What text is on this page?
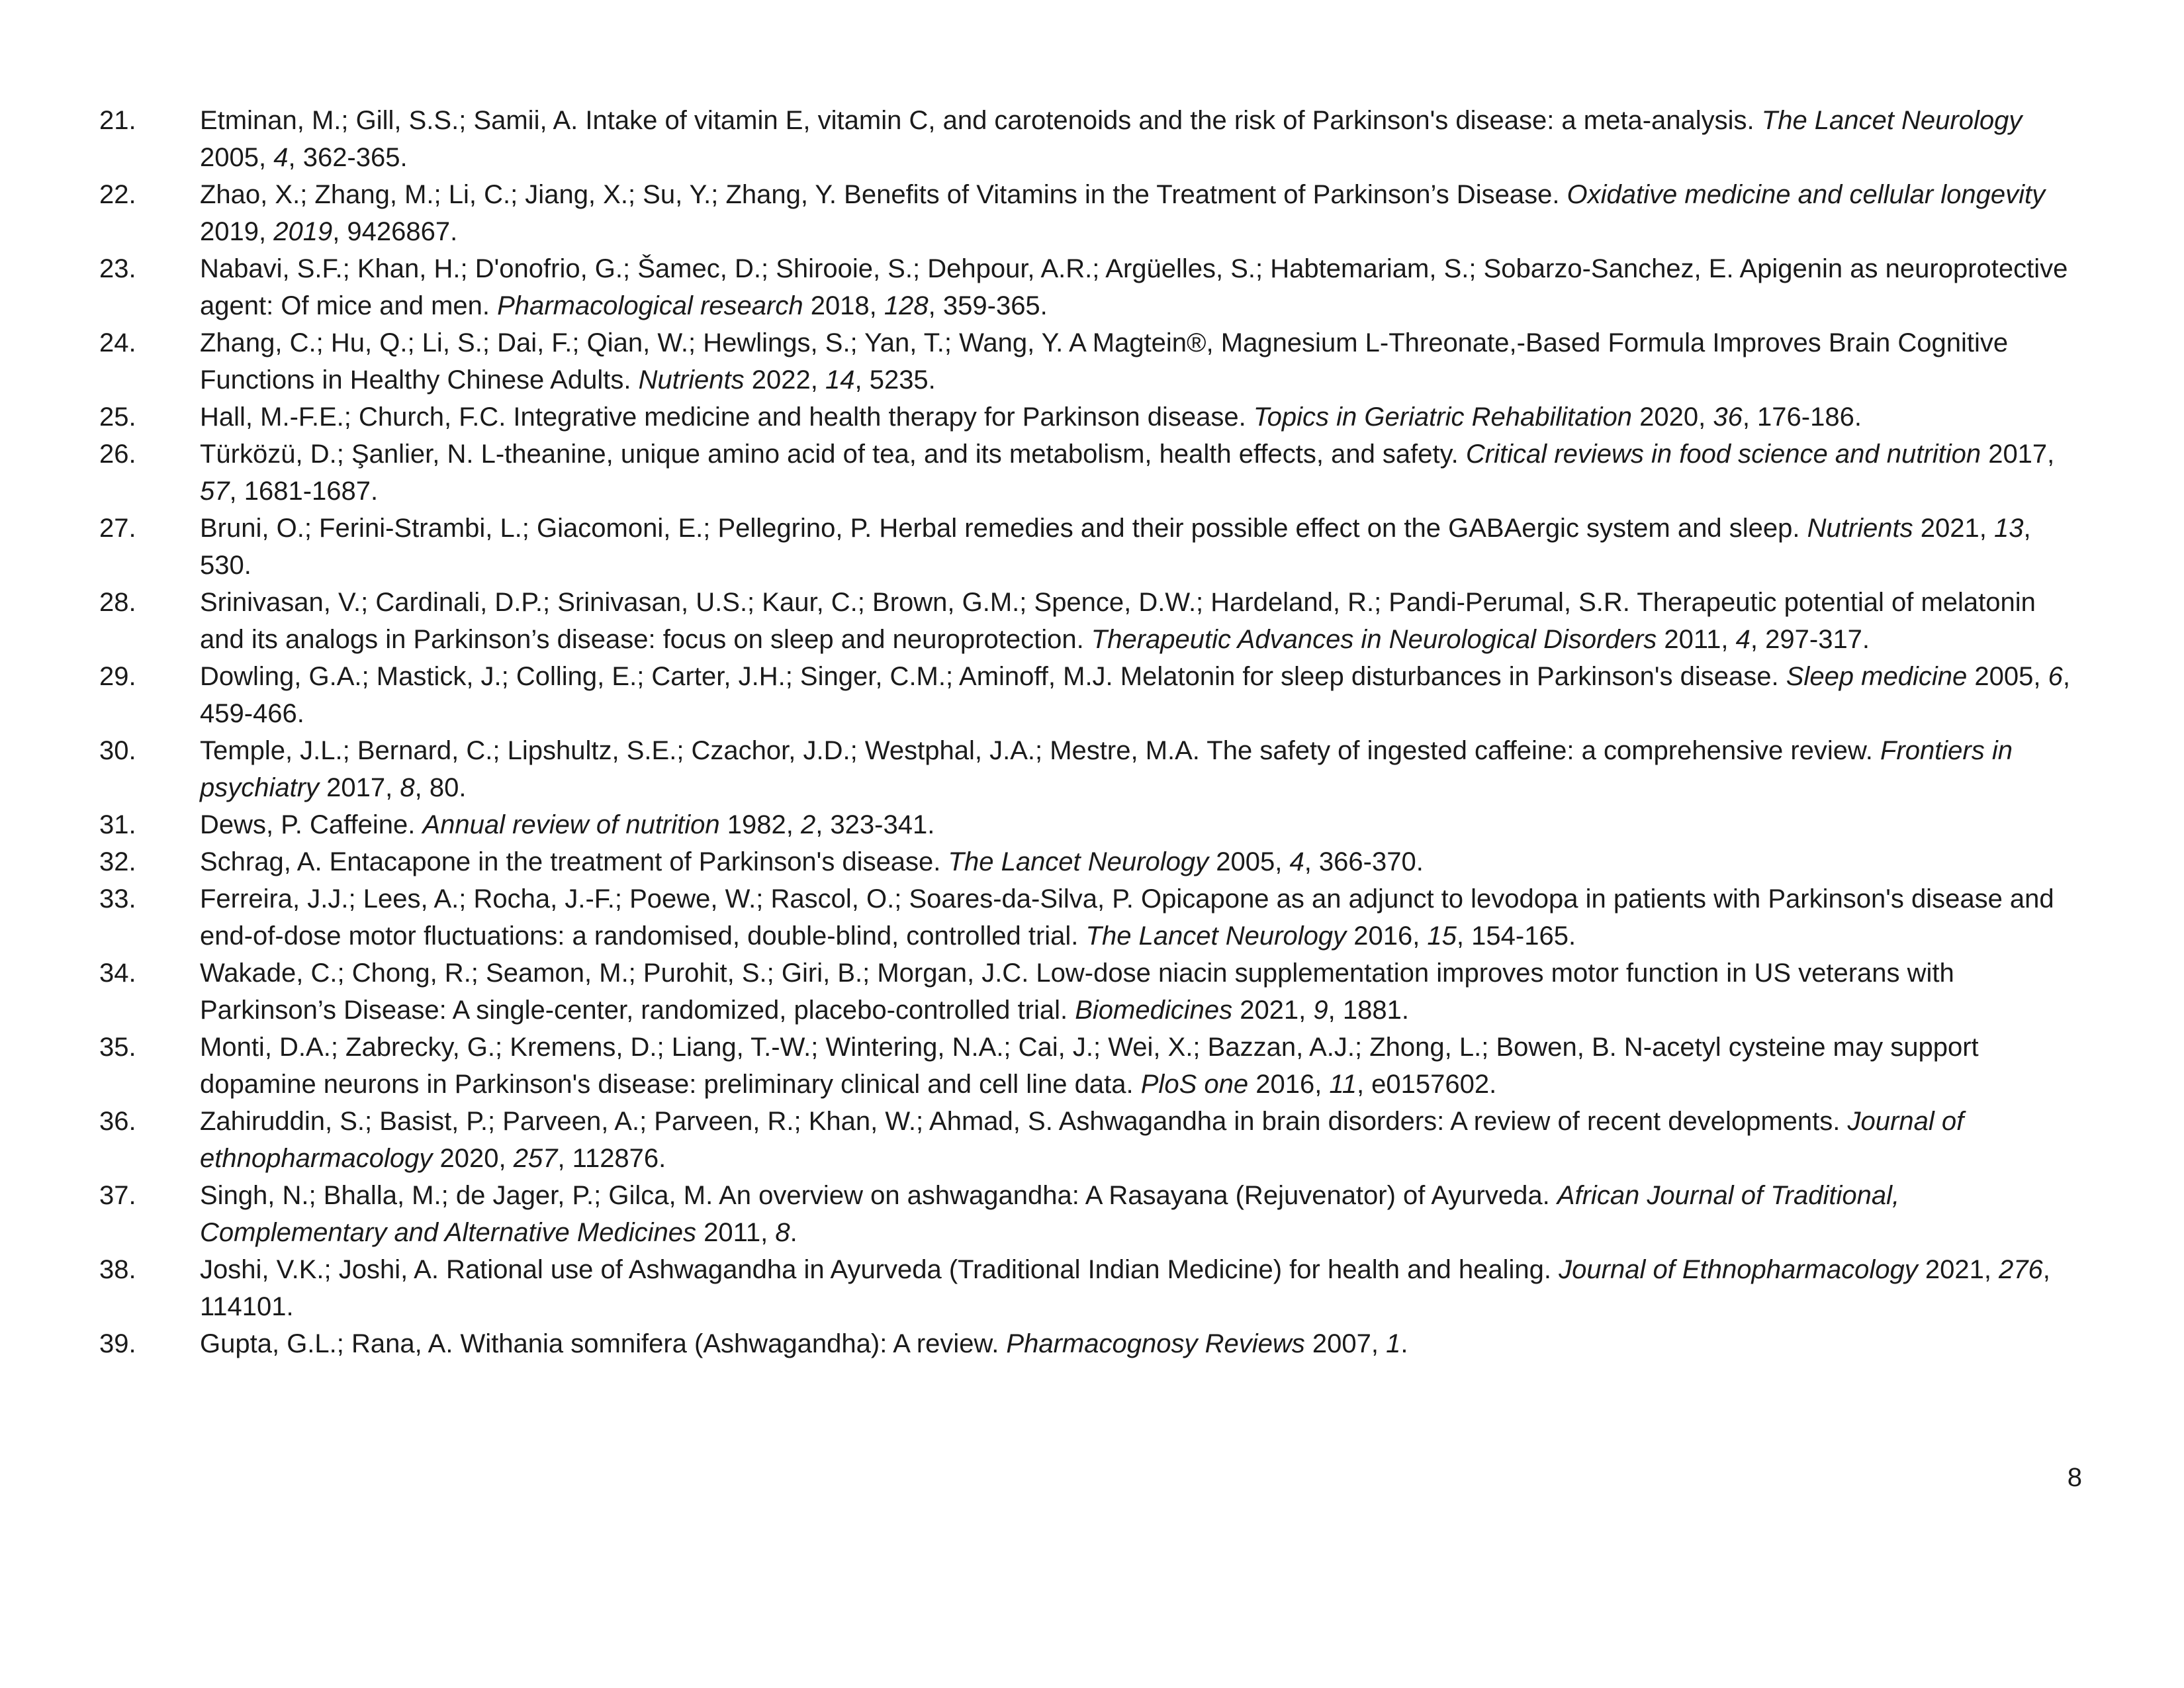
21.	Etminan, M.; Gill, S.S.; Samii, A. Intake of vitamin E, vitamin C, and carotenoids and the risk of Parkinson's disease: a meta-analysis. The Lancet Neurology 2005, 4, 362-365.
22.	Zhao, X.; Zhang, M.; Li, C.; Jiang, X.; Su, Y.; Zhang, Y. Benefits of Vitamins in the Treatment of Parkinson’s Disease. Oxidative medicine and cellular longevity 2019, 2019, 9426867.
23.	Nabavi, S.F.; Khan, H.; D'onofrio, G.; Šamec, D.; Shirooie, S.; Dehpour, A.R.; Argüelles, S.; Habtemariam, S.; Sobarzo-Sanchez, E. Apigenin as neuroprotective agent: Of mice and men. Pharmacological research 2018, 128, 359-365.
24.	Zhang, C.; Hu, Q.; Li, S.; Dai, F.; Qian, W.; Hewlings, S.; Yan, T.; Wang, Y. A Magtein®, Magnesium L-Threonate,-Based Formula Improves Brain Cognitive Functions in Healthy Chinese Adults. Nutrients 2022, 14, 5235.
25.	Hall, M.-F.E.; Church, F.C. Integrative medicine and health therapy for Parkinson disease. Topics in Geriatric Rehabilitation 2020, 36, 176-186.
26.	Türközü, D.; Şanlier, N. L-theanine, unique amino acid of tea, and its metabolism, health effects, and safety. Critical reviews in food science and nutrition 2017, 57, 1681-1687.
27.	Bruni, O.; Ferini-Strambi, L.; Giacomoni, E.; Pellegrino, P. Herbal remedies and their possible effect on the GABAergic system and sleep. Nutrients 2021, 13, 530.
28.	Srinivasan, V.; Cardinali, D.P.; Srinivasan, U.S.; Kaur, C.; Brown, G.M.; Spence, D.W.; Hardeland, R.; Pandi-Perumal, S.R. Therapeutic potential of melatonin and its analogs in Parkinson’s disease: focus on sleep and neuroprotection. Therapeutic Advances in Neurological Disorders 2011, 4, 297-317.
29.	Dowling, G.A.; Mastick, J.; Colling, E.; Carter, J.H.; Singer, C.M.; Aminoff, M.J. Melatonin for sleep disturbances in Parkinson's disease. Sleep medicine 2005, 6, 459-466.
30.	Temple, J.L.; Bernard, C.; Lipshultz, S.E.; Czachor, J.D.; Westphal, J.A.; Mestre, M.A. The safety of ingested caffeine: a comprehensive review. Frontiers in psychiatry 2017, 8, 80.
31.	Dews, P. Caffeine. Annual review of nutrition 1982, 2, 323-341.
32.	Schrag, A. Entacapone in the treatment of Parkinson's disease. The Lancet Neurology 2005, 4, 366-370.
33.	Ferreira, J.J.; Lees, A.; Rocha, J.-F.; Poewe, W.; Rascol, O.; Soares-da-Silva, P. Opicapone as an adjunct to levodopa in patients with Parkinson's disease and end-of-dose motor fluctuations: a randomised, double-blind, controlled trial. The Lancet Neurology 2016, 15, 154-165.
34.	Wakade, C.; Chong, R.; Seamon, M.; Purohit, S.; Giri, B.; Morgan, J.C. Low-dose niacin supplementation improves motor function in US veterans with Parkinson’s Disease: A single-center, randomized, placebo-controlled trial. Biomedicines 2021, 9, 1881.
35.	Monti, D.A.; Zabrecky, G.; Kremens, D.; Liang, T.-W.; Wintering, N.A.; Cai, J.; Wei, X.; Bazzan, A.J.; Zhong, L.; Bowen, B. N-acetyl cysteine may support dopamine neurons in Parkinson's disease: preliminary clinical and cell line data. PloS one 2016, 11, e0157602.
36.	Zahiruddin, S.; Basist, P.; Parveen, A.; Parveen, R.; Khan, W.; Ahmad, S. Ashwagandha in brain disorders: A review of recent developments. Journal of ethnopharmacology 2020, 257, 112876.
37.	Singh, N.; Bhalla, M.; de Jager, P.; Gilca, M. An overview on ashwagandha: A Rasayana (Rejuvenator) of Ayurveda. African Journal of Traditional, Complementary and Alternative Medicines 2011, 8.
38.	Joshi, V.K.; Joshi, A. Rational use of Ashwagandha in Ayurveda (Traditional Indian Medicine) for health and healing. Journal of Ethnopharmacology 2021, 276, 114101.
39.	Gupta, G.L.; Rana, A. Withania somnifera (Ashwagandha): A review. Pharmacognosy Reviews 2007, 1.
8
